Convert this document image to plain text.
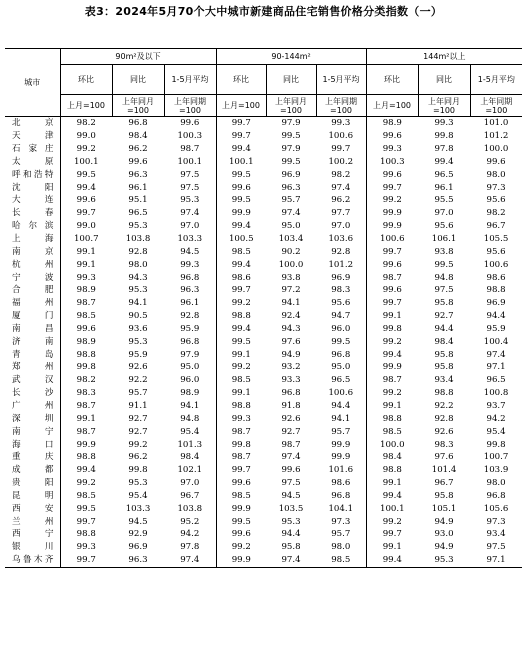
表3：2024年5月70个大中城市新建商品住宅销售价格分类指数（一）
城市	90m²及以下			90-144m²			144m²以上		
	环比	同比	1-5月平均	环比	同比	1-5月平均	环比	同比	1-5月平均
	上月=100	上年同月=100	上年同期=100	上月=100	上年同月=100	上年同期=100	上月=100	上年同月=100	上年同期=100
北京	98.2	96.8	99.6	99.7	97.9	99.3	98.9	99.3	101.0
天津	99.0	98.4	100.3	99.7	99.5	100.6	99.6	99.8	101.2
石家庄	99.2	96.2	98.7	99.4	97.9	99.7	99.3	97.8	100.0
太原	100.1	99.6	100.1	100.1	99.5	100.2	100.3	99.4	99.6
呼和浩特	99.5	96.3	97.5	99.5	96.9	98.2	99.6	96.5	98.0
沈阳	99.4	96.1	97.5	99.6	96.3	97.4	99.7	96.1	97.3
大连	99.6	95.1	95.3	99.5	95.7	96.2	99.2	95.5	95.6
长春	99.7	96.5	97.4	99.9	97.4	97.7	99.9	97.0	98.2
哈尔滨	99.0	95.3	97.0	99.4	95.0	97.0	99.9	95.6	96.7
上海	100.7	103.8	103.3	100.5	103.4	103.6	100.6	106.1	105.5
南京	99.1	92.8	94.5	98.5	90.2	92.8	99.7	93.8	95.6
杭州	99.1	98.0	99.3	99.4	100.0	101.2	99.6	99.5	100.6
宁波	99.3	94.3	96.8	98.6	93.8	96.9	98.7	94.8	98.6
合肥	98.9	95.3	96.3	99.7	97.2	98.3	99.6	97.5	98.8
福州	98.7	94.1	96.1	99.2	94.1	95.6	99.7	95.8	96.9
厦门	98.5	90.5	92.8	98.8	92.4	94.7	99.1	92.7	94.4
南昌	99.6	93.6	95.9	99.4	94.3	96.0	99.8	94.4	95.9
济南	98.9	95.3	96.8	99.5	97.6	99.5	99.2	98.4	100.4
青岛	98.8	95.9	97.9	99.1	94.9	96.8	99.4	95.8	97.4
郑州	99.8	92.6	95.0	99.2	93.2	95.0	99.9	95.8	97.1
武汉	98.2	92.2	96.0	98.5	93.3	96.5	98.7	93.4	96.5
长沙	98.3	95.7	98.9	99.1	96.8	100.6	99.2	98.8	100.8
广州	98.7	91.1	94.1	98.8	91.8	94.4	99.1	92.2	93.7
深圳	99.1	92.7	94.8	99.3	92.6	94.1	98.8	92.8	94.2
南宁	98.7	92.7	95.4	98.7	92.7	95.7	98.5	92.6	95.4
海口	99.9	99.2	101.3	99.8	98.7	99.9	100.0	98.3	99.8
重庆	98.8	96.2	98.4	98.7	97.4	99.9	98.4	97.6	100.7
成都	99.4	99.8	102.1	99.7	99.6	101.6	98.8	101.4	103.9
贵阳	99.2	95.3	97.0	99.6	97.5	98.6	99.1	96.7	98.0
昆明	98.5	95.4	96.7	98.5	94.5	96.8	99.4	95.8	96.8
西安	99.5	103.3	103.8	99.9	103.5	104.1	100.1	105.1	105.6
兰州	99.7	94.5	95.2	99.5	95.3	97.3	99.2	94.9	97.3
西宁	98.8	92.9	94.2	99.6	94.4	95.7	99.7	93.0	93.4
银川	99.3	96.9	97.8	99.2	95.8	98.0	99.1	94.9	97.5
乌鲁木齐	99.7	96.3	97.4	99.9	97.4	98.5	99.4	95.3	97.1
